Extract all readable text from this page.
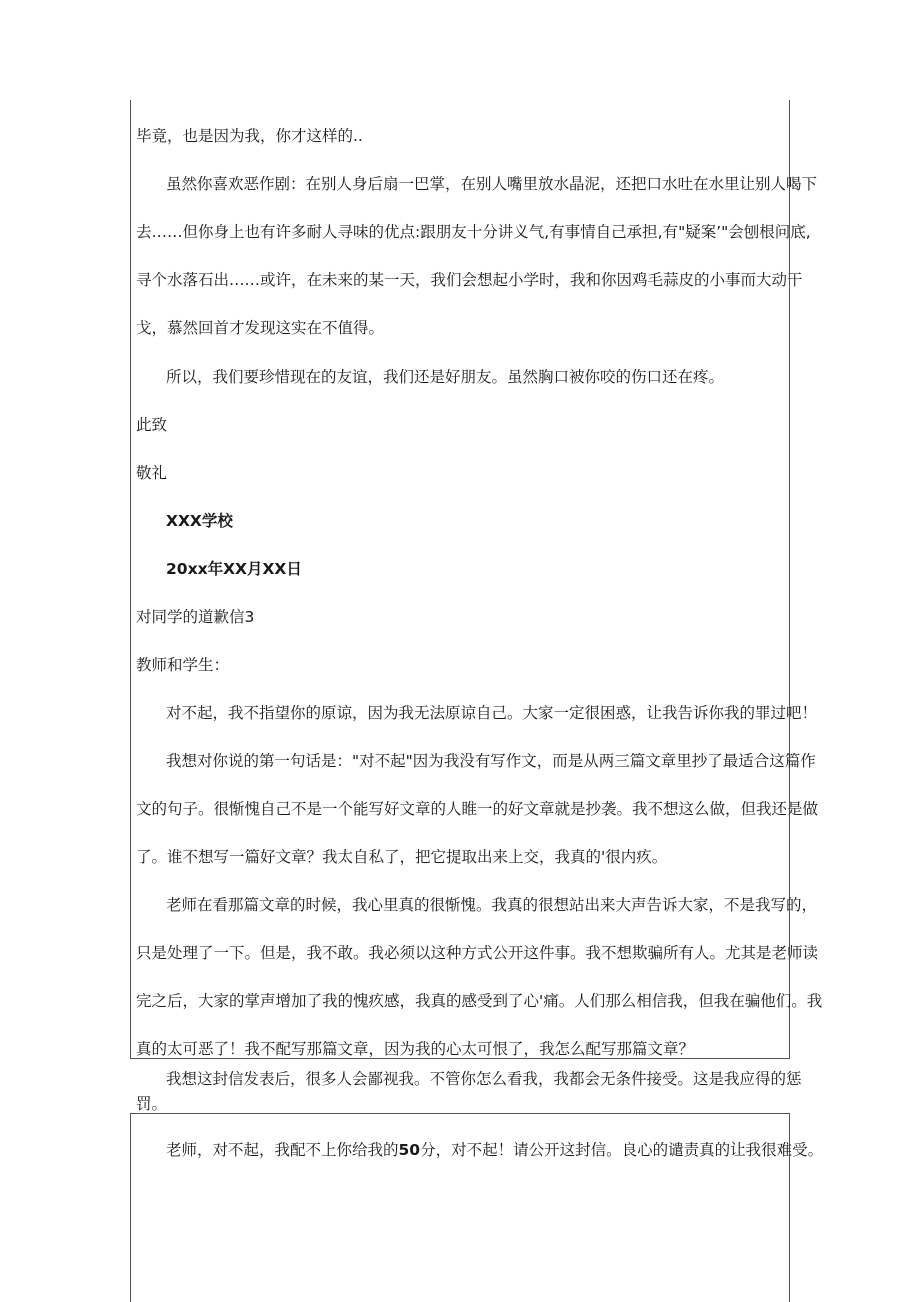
毕竟，也是因为我，你才这样的..
虽然你喜欢恶作剧：在别人身后扇一巴掌，在别人嘴里放水晶泥，还把口水吐在水里让别人喝下
去……但你身上也有许多耐人寻味的优点:跟朋友十分讲义气,有事情自己承担,有"疑案’"会刨根问底,
寻个水落石出……或许，在未来的某一天，我们会想起小学时，我和你因鸡毛蒜皮的小事而大动干
戈，慕然回首才发现这实在不值得。
所以，我们要珍惜现在的友谊，我们还是好朋友。虽然胸口被你咬的伤口还在疼。
此致
敬礼
XXX学校
20xx年XX月XX日
对同学的道歉信3
教师和学生：
对不起，我不指望你的原谅，因为我无法原谅自己。大家一定很困惑，让我告诉你我的罪过吧！
我想对你说的第一句话是："对不起"因为我没有写作文，而是从两三篇文章里抄了最适合这篇作
文的句子。很惭愧自己不是一个能写好文章的人睢一的好文章就是抄袭。我不想这么做，但我还是做
了。谁不想写一篇好文章？我太自私了，把它提取出来上交，我真的'很内疚。
老师在看那篇文章的时候，我心里真的很惭愧。我真的很想站出来大声告诉大家，不是我写的，
只是处理了一下。但是，我不敢。我必须以这种方式公开这件事。我不想欺骗所有人。尤其是老师读
完之后，大家的掌声增加了我的愧疚感，我真的感受到了心'痛。人们那么相信我，但我在骗他们。我
真的太可恶了！我不配写那篇文章，因为我的心太可恨了，我怎么配写那篇文章？
我想这封信发表后，很多人会鄙视我。不管你怎么看我，我都会无条件接受。这是我应得的惩
罚。
老师，对不起，我配不上你给我的50分，对不起！请公开这封信。良心的谴责真的让我很难受。
